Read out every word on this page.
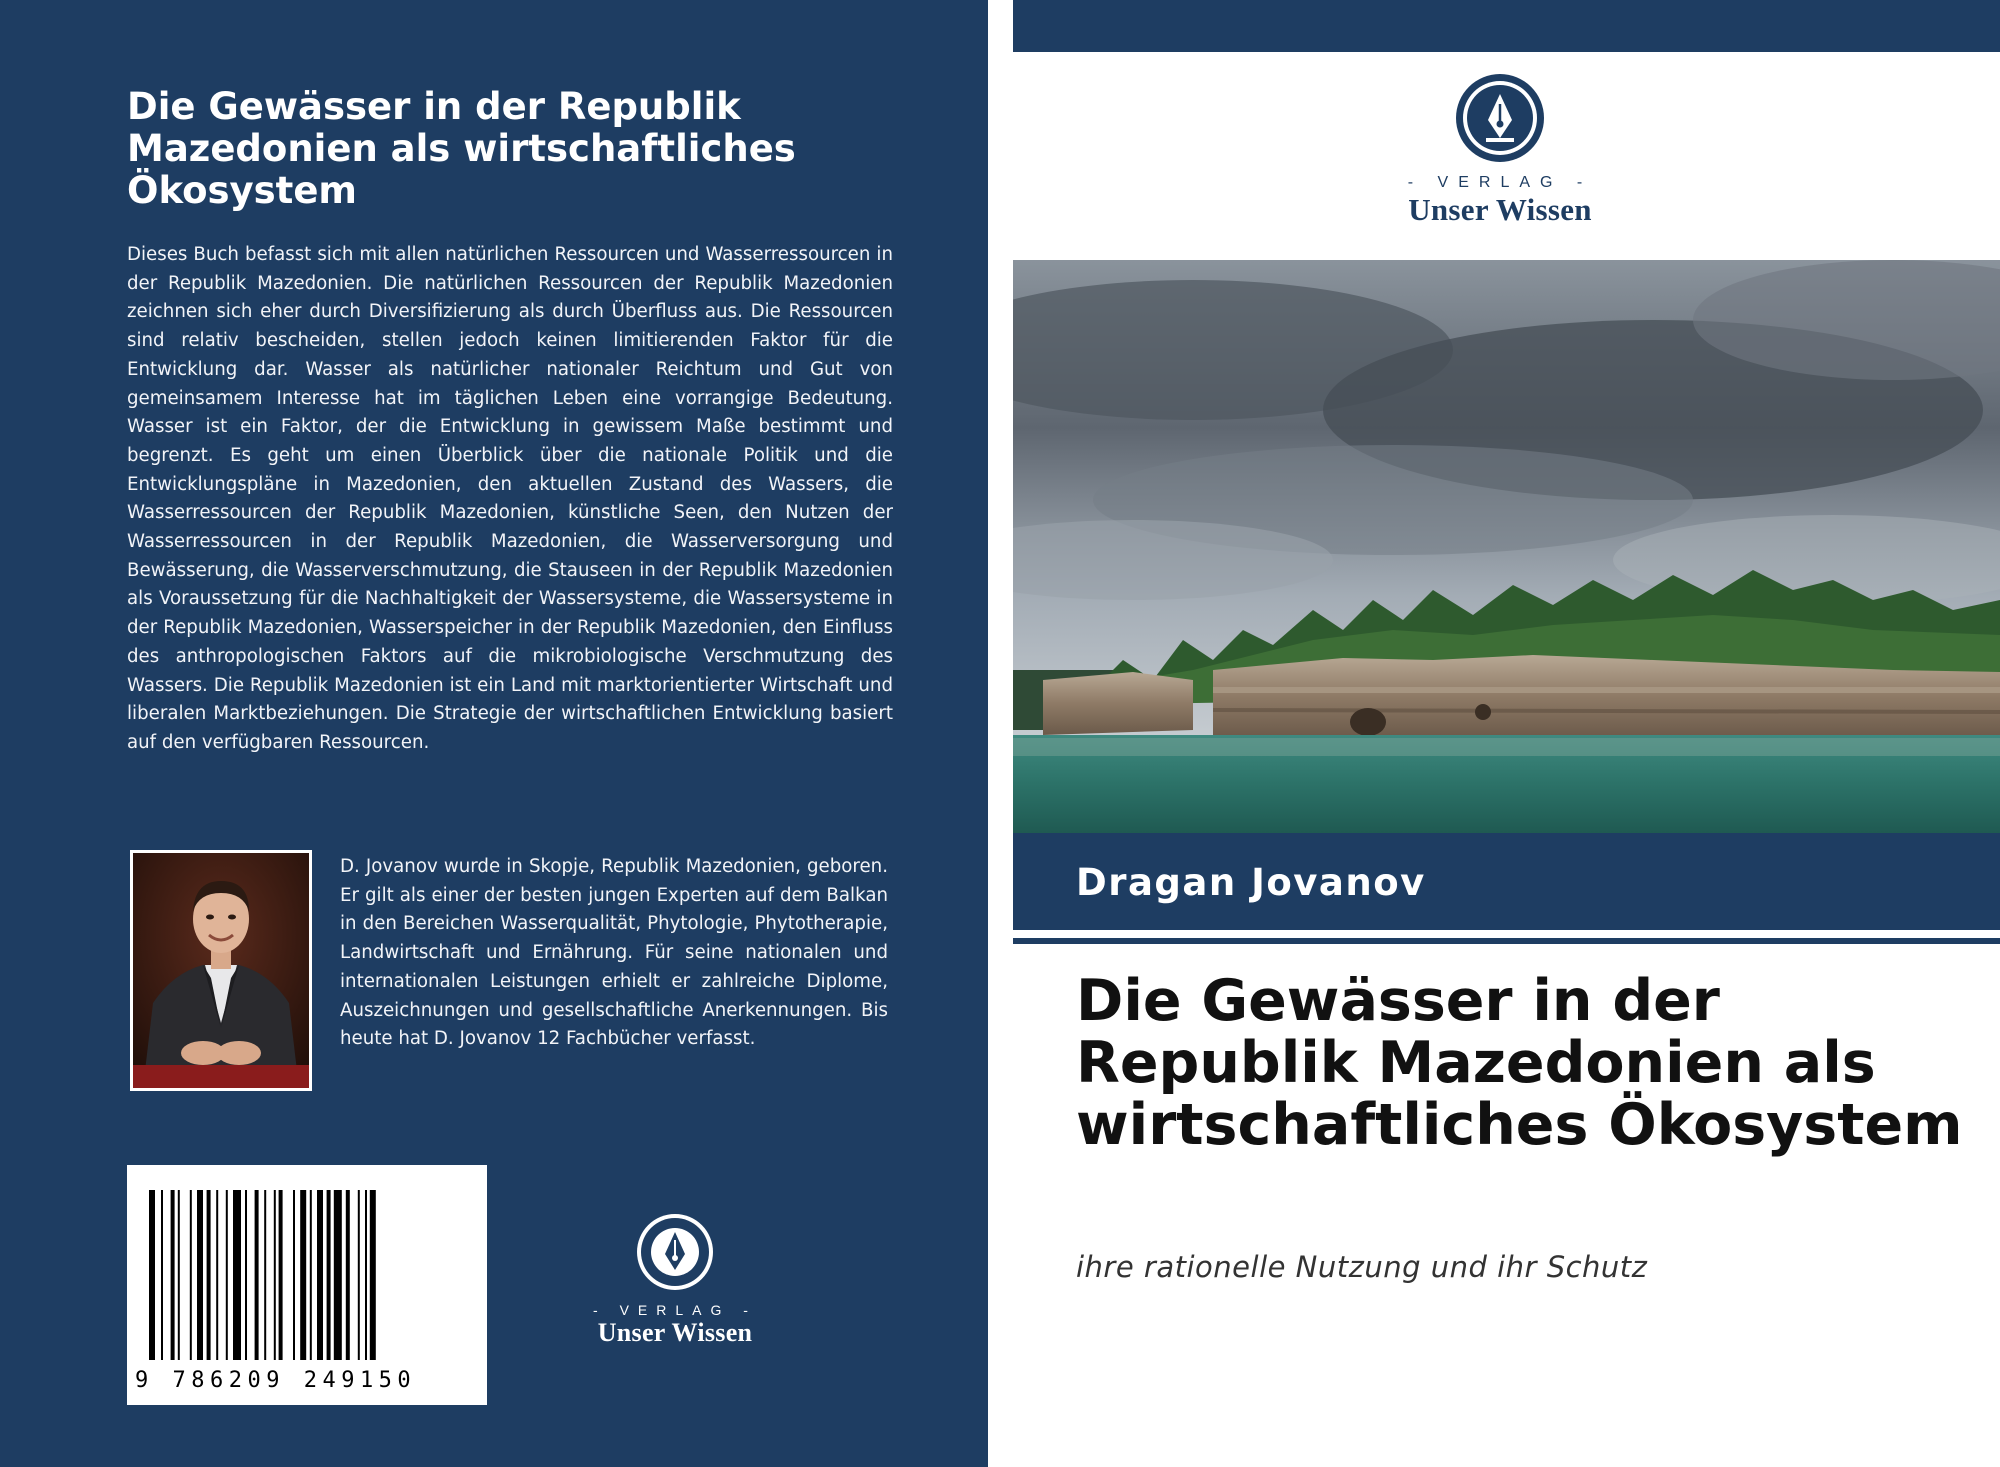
Die Gewässer in der Republik Mazedonien als wirtschaftliches Ökosystem

Dieses Buch befasst sich mit allen natürlichen Ressourcen und Wasserressourcen in der Republik Mazedonien. Die natürlichen Ressourcen der Republik Mazedonien zeichnen sich eher durch Diversifizierung als durch Überfluss aus. Die Ressourcen sind relativ bescheiden, stellen jedoch keinen limitierenden Faktor für die Entwicklung dar. Wasser als natürlicher nationaler Reichtum und Gut von gemeinsamem Interesse hat im täglichen Leben eine vorrangige Bedeutung. Wasser ist ein Faktor, der die Entwicklung in gewissem Maße bestimmt und begrenzt. Es geht um einen Überblick über die nationale Politik und die Entwicklungspläne in Mazedonien, den aktuellen Zustand des Wassers, die Wasserressourcen der Republik Mazedonien, künstliche Seen, den Nutzen der Wasserressourcen in der Republik Mazedonien, die Wasserversorgung und Bewässerung, die Wasserverschmutzung, die Stauseen in der Republik Mazedonien als Voraussetzung für die Nachhaltigkeit der Wassersysteme, die Wassersysteme in der Republik Mazedonien, Wasserspeicher in der Republik Mazedonien, den Einfluss des anthropologischen Faktors auf die mikrobiologische Verschmutzung des Wassers. Die Republik Mazedonien ist ein Land mit marktorientierter Wirtschaft und liberalen Marktbeziehungen. Die Strategie der wirtschaftlichen Entwicklung basiert auf den verfügbaren Ressourcen.

D. Jovanov wurde in Skopje, Republik Mazedonien, geboren. Er gilt als einer der besten jungen Experten auf dem Balkan in den Bereichen Wasserqualität, Phytologie, Phytotherapie, Landwirtschaft und Ernährung. Für seine nationalen und internationalen Leistungen erhielt er zahlreiche Diplome, Auszeichnungen und gesellschaftliche Anerkennungen. Bis heute hat D. Jovanov 12 Fachbücher verfasst.

9 786209 249150
- VERLAG -
Unser Wissen
- VERLAG -
Unser Wissen
Dragan Jovanov
Die Gewässer in der Republik Mazedonien als wirtschaftliches Ökosystem

ihre rationelle Nutzung und ihr Schutz
